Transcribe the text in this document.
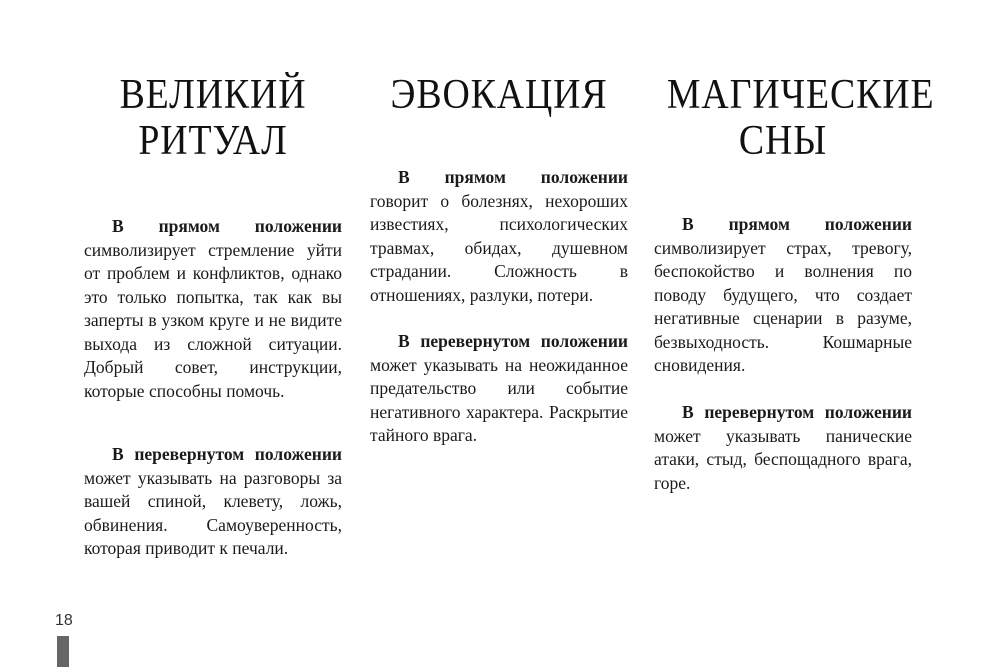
ВЕЛИКИЙ
РИТУАЛ
В прямом положении символизирует стремление уйти от проблем и конфликтов, однако это только попытка, так как вы заперты в узком круге и не видите выхода из сложной ситуации. Добрый совет, инструкции, которые способны помочь.
В перевернутом положении может указывать на разговоры за вашей спиной, клевету, ложь, обвинения. Самоуверенность, которая приводит к печали.
ЭВОКАЦИЯ
В прямом положении говорит о болезнях, нехороших известиях, психологических травмах, обидах, душевном страдании. Сложность в отношениях, разлуки, потери.
В перевернутом положении может указывать на неожиданное предательство или событие негативного характера. Раскрытие тайного врага.
МАГИЧЕСКИЕ
СНЫ
В прямом положении символизирует страх, тревогу, беспокойство и волнения по поводу будущего, что создает негативные сценарии в разуме, безвыходность. Кошмарные сновидения.
В перевернутом положении может указывать панические атаки, стыд, беспощадного врага, горе.
18
